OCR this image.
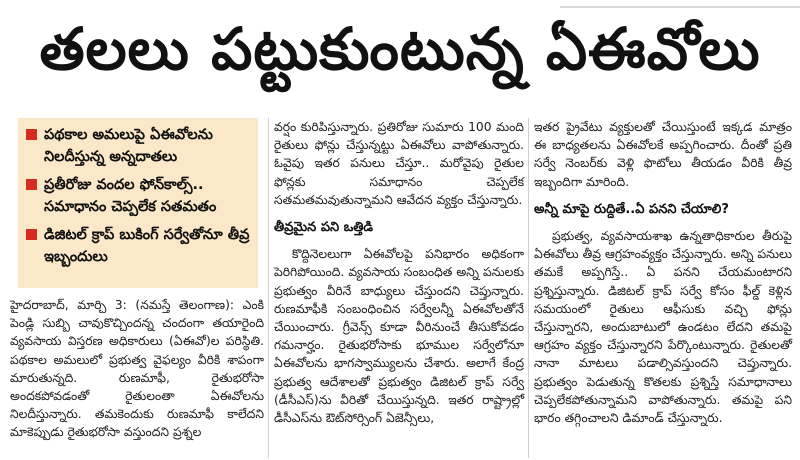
తలలు పట్టుకుంటున్న ఏఈవోలు
పథకాల అమలుపై ఏఈవోలను నిలదీస్తున్న అన్నదాతలు
ప్రతీరోజు వందల ఫోన్‌కాల్స్.. సమాధానం చెప్పలేక సతమతం
డిజిటల్ క్రాప్ బుకింగ్ సర్వేతోనూ తీవ్ర ఇబ్బందులు

హైదరాబాద్, మార్చి 3: (నమస్తే తెలంగాణ): ఎంకి పెండ్లి సుబ్బి చావుకొచ్చిందన్న చందంగా తయారైంది వ్యవసాయ విస్తరణ అధికారులు (ఏఈవో)ల పరిస్థితి. పథకాల అమలులో ప్రభుత్వ వైఫల్యం వీరికి శాపంగా మారుతున్నది. రుణమాఫీ, రైతుభరోసా అందకపోవడంతో రైతులంతా ఏఈవోలను నిలదీస్తున్నారు. తమకెందుకు రుణమాఫీ కాలేదని మాకెప్పుడు రైతుభరోసా వస్తుందని ప్రశ్నల

వర్షం కురిపిస్తున్నారు. ప్రతిరోజు సుమారు 100 మంది రైతులు ఫోన్లు చేస్తున్నట్టు ఏఈవోలు వాపోతున్నారు. ఓవైపు ఇతర పనులు చేస్తూ.. మరోవైపు రైతుల ఫోన్లకు సమాధానం చెప్పలేక సతమతమవుతున్నామని ఆవేదన వ్యక్తం చేస్తున్నారు.

తీవ్రమైన పని ఒత్తిడి

కొద్దినెలలుగా ఏఈవోలపై పనిభారం అధికంగా పెరిగిపోయింది. వ్యవసాయ సంబంధిత అన్ని పనులకు ప్రభుత్వం వీరినే బాధ్యులు చేస్తుందని చెప్తున్నారు. రుణమాఫీకి సంబంధించిన సర్వేలన్నీ ఏఈవోలతోనే చేయించారు. గ్రీవెన్స్ కూడా వీరినుంచే తీసుకోవడం గమనార్హం. రైతుభరోసాకు భూముల సర్వేలోనూ ఏఈవోలను భాగస్వామ్యులను చేశారు. అలాగే కేంద్ర ప్రభుత్వ ఆదేశాలతో ప్రభుత్వం డిజిటల్ క్రాప్ సర్వే (డీసీఎస్)ను వీరితో చేయిస్తున్నది. ఇతర రాష్ట్రాల్లో డీసీఎస్‌ను ఔట్‌సోర్సింగ్ ఏజెన్సీలు,

ఇతర ప్రైవేటు వ్యక్తులతో చేయిస్తుంటే ఇక్కడ మాత్రం ఈ బాధ్యతలను ఏఈవోలకే అప్పగించారు. దీంతో ప్రతి సర్వే నెంబర్‌కు వెళ్లి ఫొటోలు తీయడం వీరికి తీవ్ర ఇబ్బందిగా మారింది.

అన్నీ మాపై రుద్దితే..ఏ పనని చేయాలి?

ప్రభుత్వ, వ్యవసాయశాఖ ఉన్నతాధికారుల తీరుపై ఏఈవోలు తీవ్ర ఆగ్రహంవ్యక్తం చేస్తున్నారు. అన్ని పనులు తమకే అప్పగిస్తే.. ఏ పనని చేయమంటారని ప్రశ్నిస్తున్నారు. డిజిటల్ క్రాప్ సర్వే కోసం ఫీల్డ్ కెళ్లిన సమయంలో రైతులు ఆఫీసుకు వచ్చి ఫోన్లు చేస్తున్నారని, అందుబాటులో ఉండటం లేదని తమపై ఆగ్రహం వ్యక్తం చేస్తున్నారని పేర్కొంటున్నారు. రైతులతో నానా మాటలు పడాల్సివస్తుందని చెప్తున్నారు. ప్రభుత్వం పెడుతున్న కొతలకు ప్రశ్నిస్తే సమాధానాలు చెప్పలేకపోతున్నామని వాపోతున్నారు. తమపై పని భారం తగ్గించాలని డిమాండ్ చేస్తున్నారు.
